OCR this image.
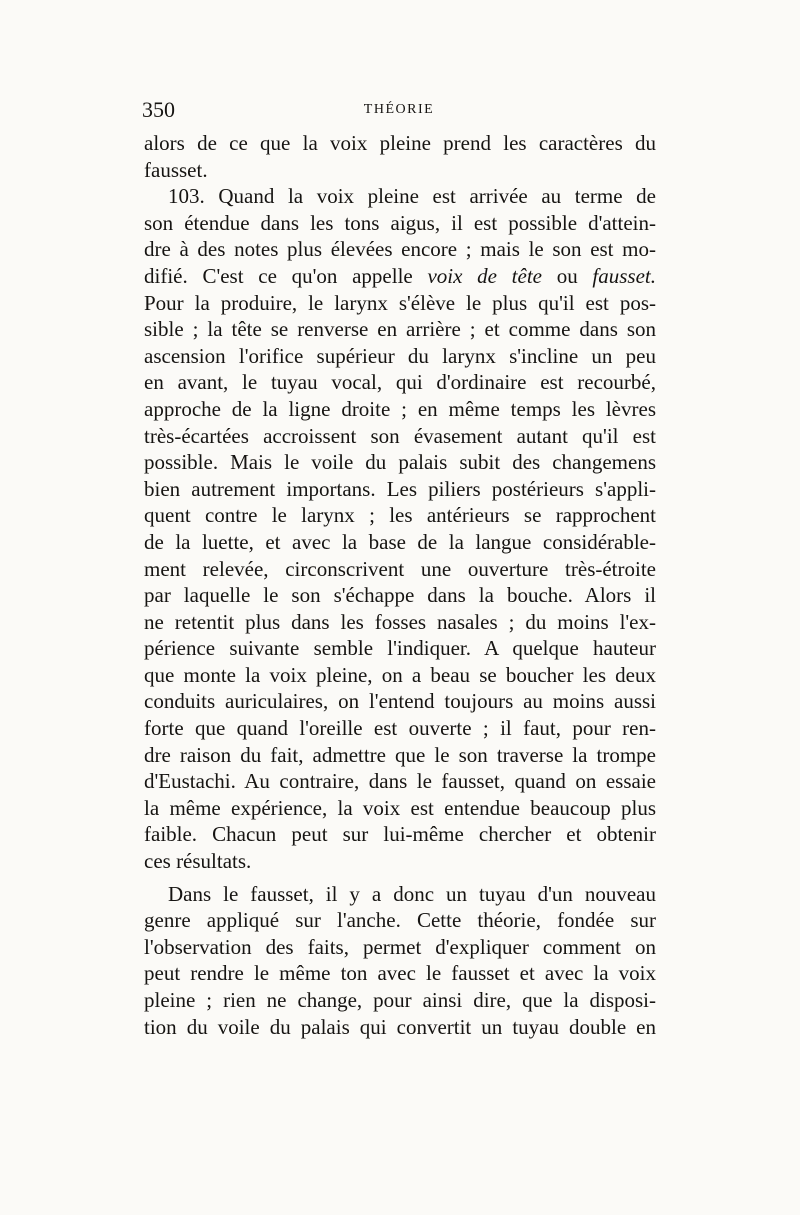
350	THÉORIE
alors de ce que la voix pleine prend les caractères du
fausset.
103. Quand la voix pleine est arrivée au terme de
son étendue dans les tons aigus, il est possible d'attein-
dre à des notes plus élevées encore ; mais le son est mo-
difié. C'est ce qu'on appelle voix de tête ou fausset.
Pour la produire, le larynx s'élève le plus qu'il est pos-
sible ; la tête se renverse en arrière ; et comme dans son
ascension l'orifice supérieur du larynx s'incline un peu
en avant, le tuyau vocal, qui d'ordinaire est recourbé,
approche de la ligne droite ; en même temps les lèvres
très-écartées accroissent son évasement autant qu'il est
possible. Mais le voile du palais subit des changemens
bien autrement importans. Les piliers postérieurs s'appli-
quent contre le larynx ; les antérieurs se rapprochent
de la luette, et avec la base de la langue considérable-
ment relevée, circonscrivent une ouverture très-étroite
par laquelle le son s'échappe dans la bouche. Alors il
ne retentit plus dans les fosses nasales ; du moins l'ex-
périence suivante semble l'indiquer. A quelque hauteur
que monte la voix pleine, on a beau se boucher les deux
conduits auriculaires, on l'entend toujours au moins aussi
forte que quand l'oreille est ouverte ; il faut, pour ren-
dre raison du fait, admettre que le son traverse la trompe
d'Eustachi. Au contraire, dans le fausset, quand on essaie
la même expérience, la voix est entendue beaucoup plus
faible. Chacun peut sur lui-même chercher et obtenir
ces résultats.
Dans le fausset, il y a donc un tuyau d'un nouveau
genre appliqué sur l'anche. Cette théorie, fondée sur
l'observation des faits, permet d'expliquer comment on
peut rendre le même ton avec le fausset et avec la voix
pleine ; rien ne change, pour ainsi dire, que la disposi-
tion du voile du palais qui convertit un tuyau double en
